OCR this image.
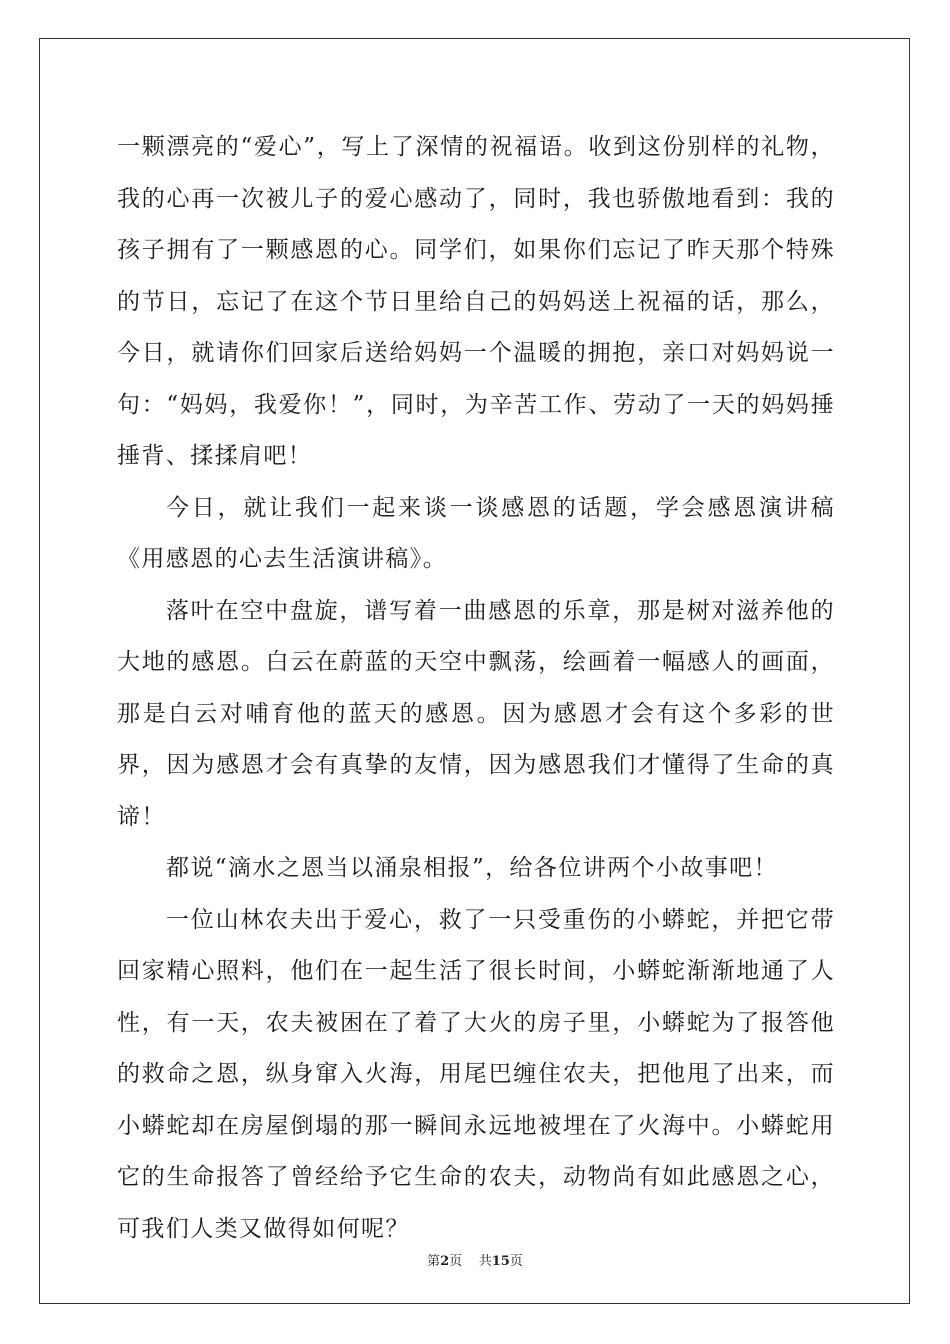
一颗漂亮的“爱心”，写上了深情的祝福语。收到这份别样的礼物，我的心再一次被儿子的爱心感动了，同时，我也骄傲地看到：我的孩子拥有了一颗感恩的心。同学们，如果你们忘记了昨天那个特殊的节日，忘记了在这个节日里给自己的妈妈送上祝福的话，那么，今日，就请你们回家后送给妈妈一个温暖的拥抱，亲口对妈妈说一句：“妈妈，我爱你！”，同时，为辛苦工作、劳动了一天的妈妈捶捶背、揉揉肩吧！

今日，就让我们一起来谈一谈感恩的话题，学会感恩演讲稿《用感恩的心去生活演讲稿》。

落叶在空中盘旋，谱写着一曲感恩的乐章，那是树对滋养他的大地的感恩。白云在蔚蓝的天空中飘荡，绘画着一幅感人的画面，那是白云对哺育他的蓝天的感恩。因为感恩才会有这个多彩的世界，因为感恩才会有真挚的友情，因为感恩我们才懂得了生命的真谛！

都说“滴水之恩当以涌泉相报”，给各位讲两个小故事吧！

一位山林农夫出于爱心，救了一只受重伤的小蟒蛇，并把它带回家精心照料，他们在一起生活了很长时间，小蟒蛇渐渐地通了人性，有一天，农夫被困在了着了大火的房子里，小蟒蛇为了报答他的救命之恩，纵身窜入火海，用尾巴缠住农夫，把他甩了出来，而小蟒蛇却在房屋倒塌的那一瞬间永远地被埋在了火海中。小蟒蛇用它的生命报答了曾经给予它生命的农夫，动物尚有如此感恩之心，可我们人类又做得如何呢？

第2页 共15页
